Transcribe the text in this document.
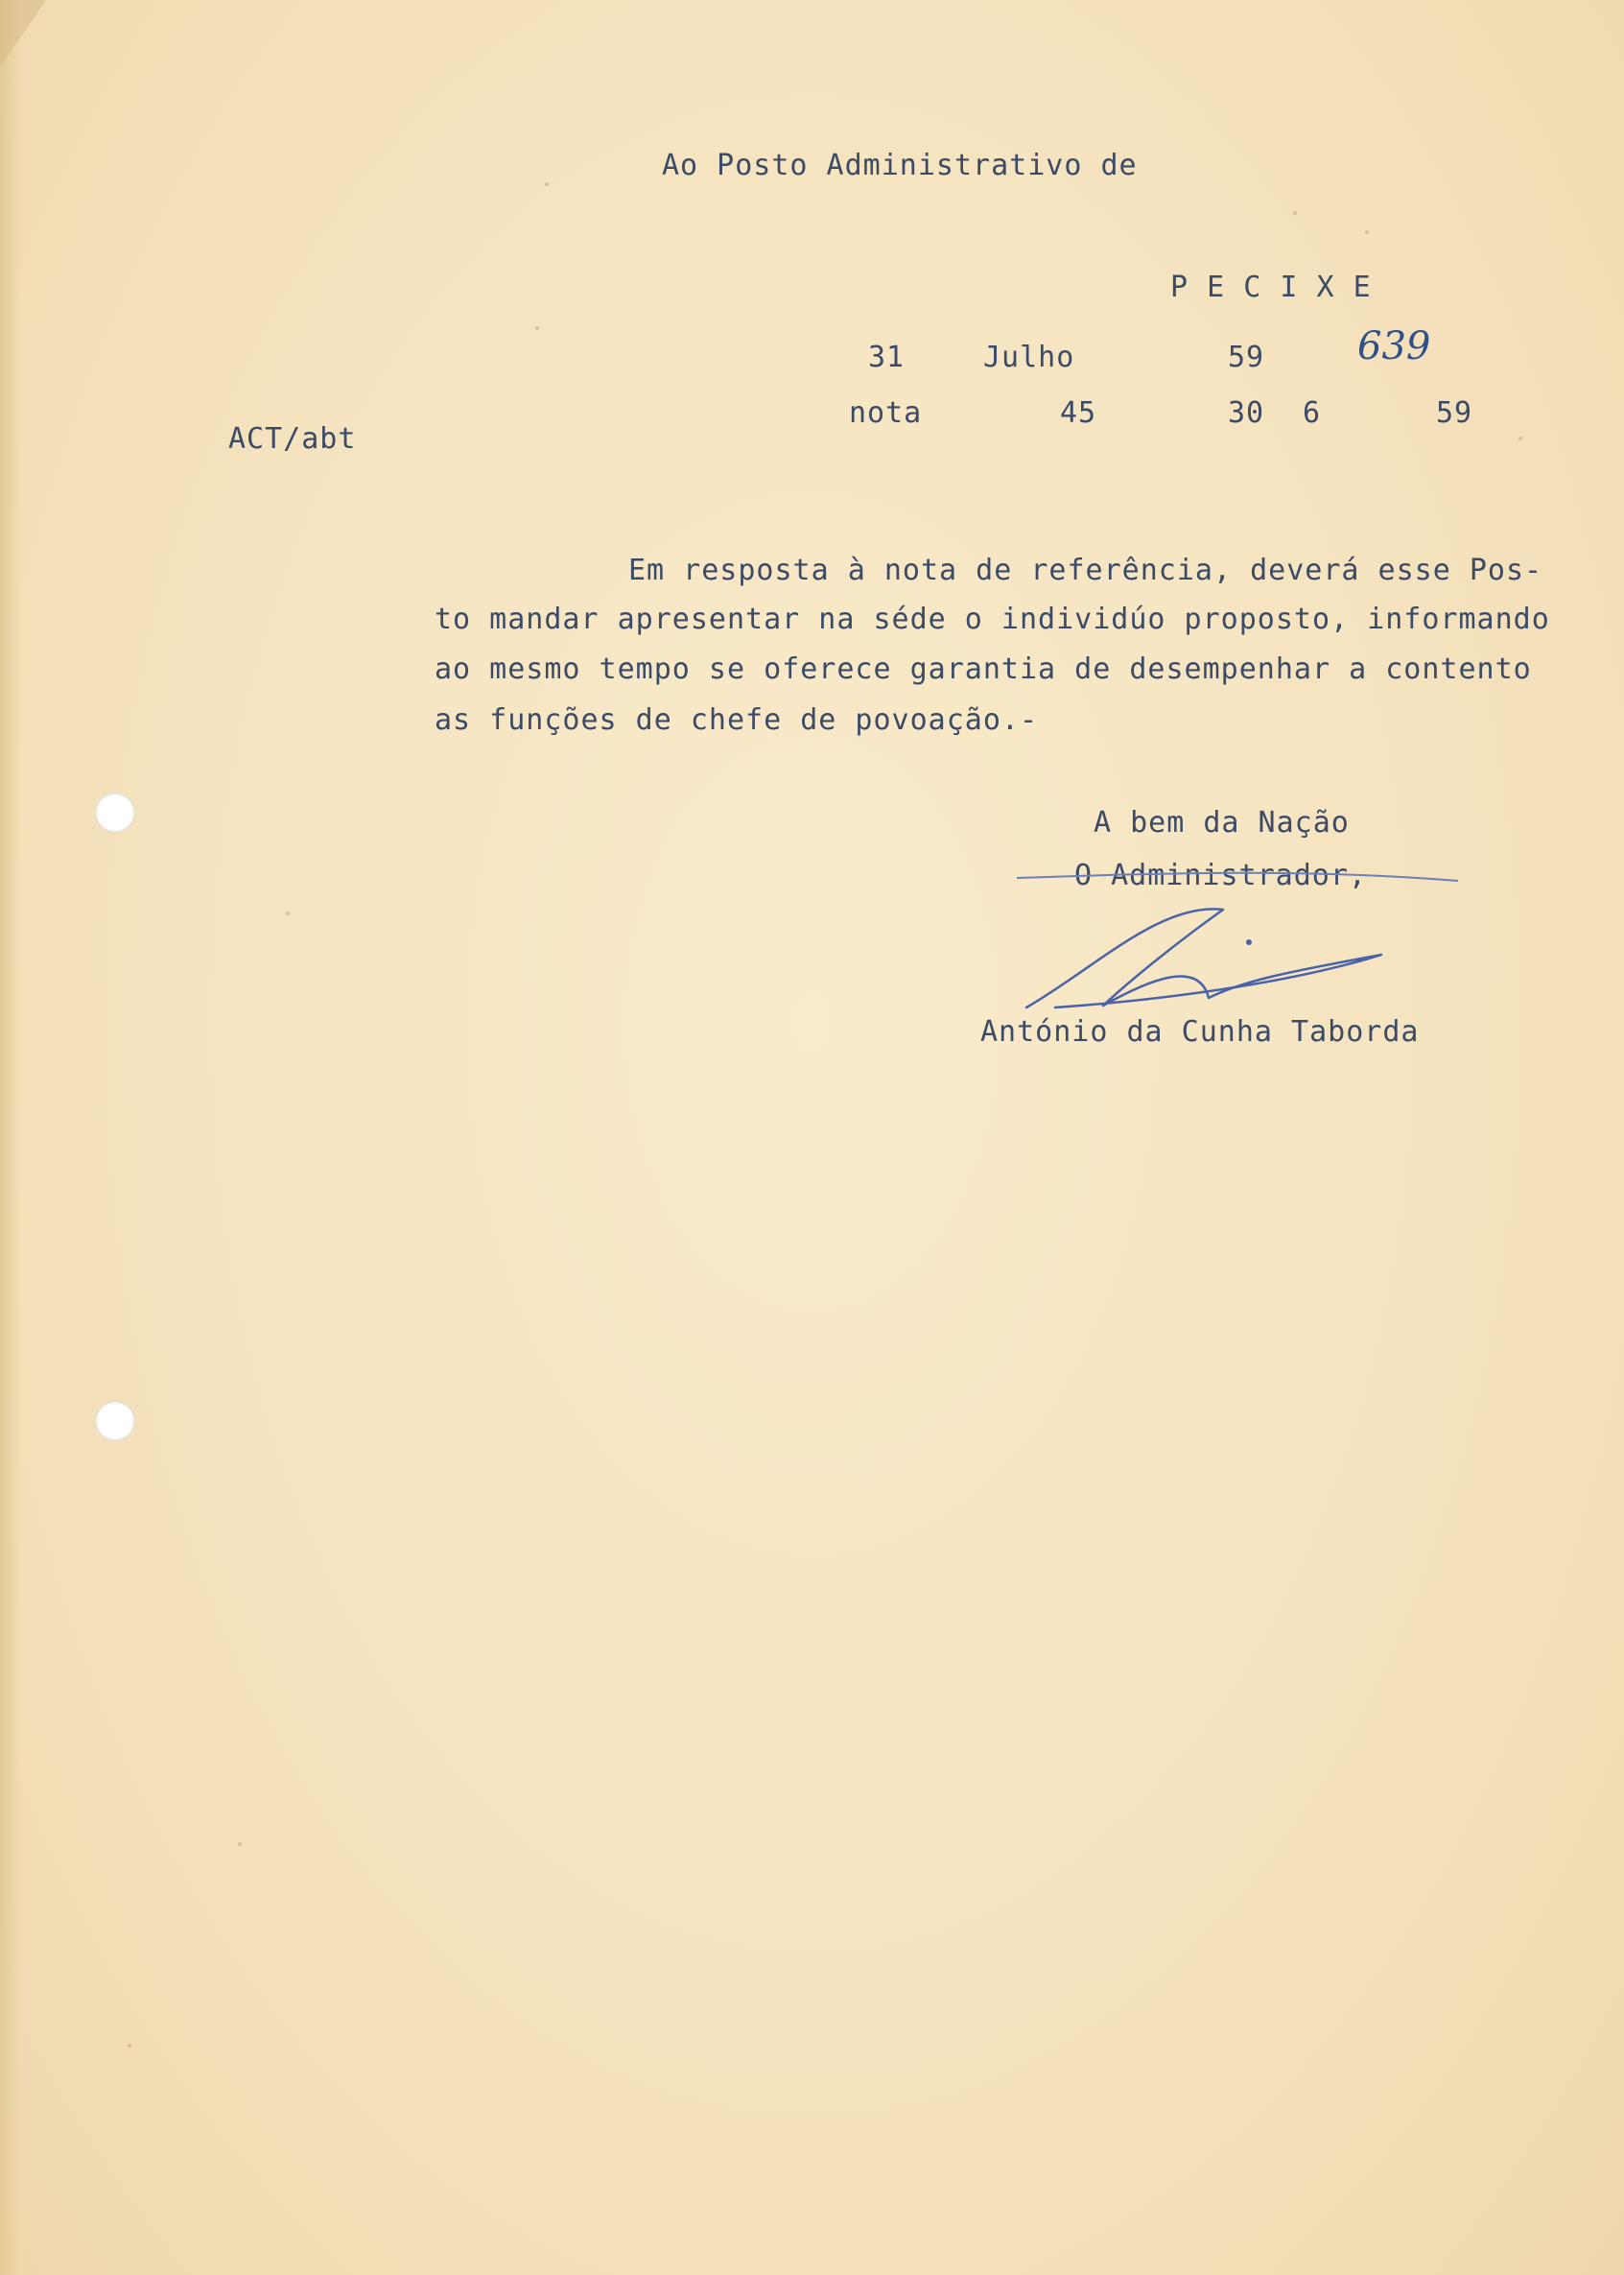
Ao Posto Administrativo de
P E C I X E
31	Julho	59 639
ACT/abt
nota	45	30 6	59
Em resposta à nota de referência, deverá esse Pos-
to mandar apresentar na séde o individúo proposto, informando
ao mesmo tempo se oferece garantia de desempenhar a contento
as funções de chefe de povoação.-
A bem da Nação
O Administrador,
António da Cunha Taborda
